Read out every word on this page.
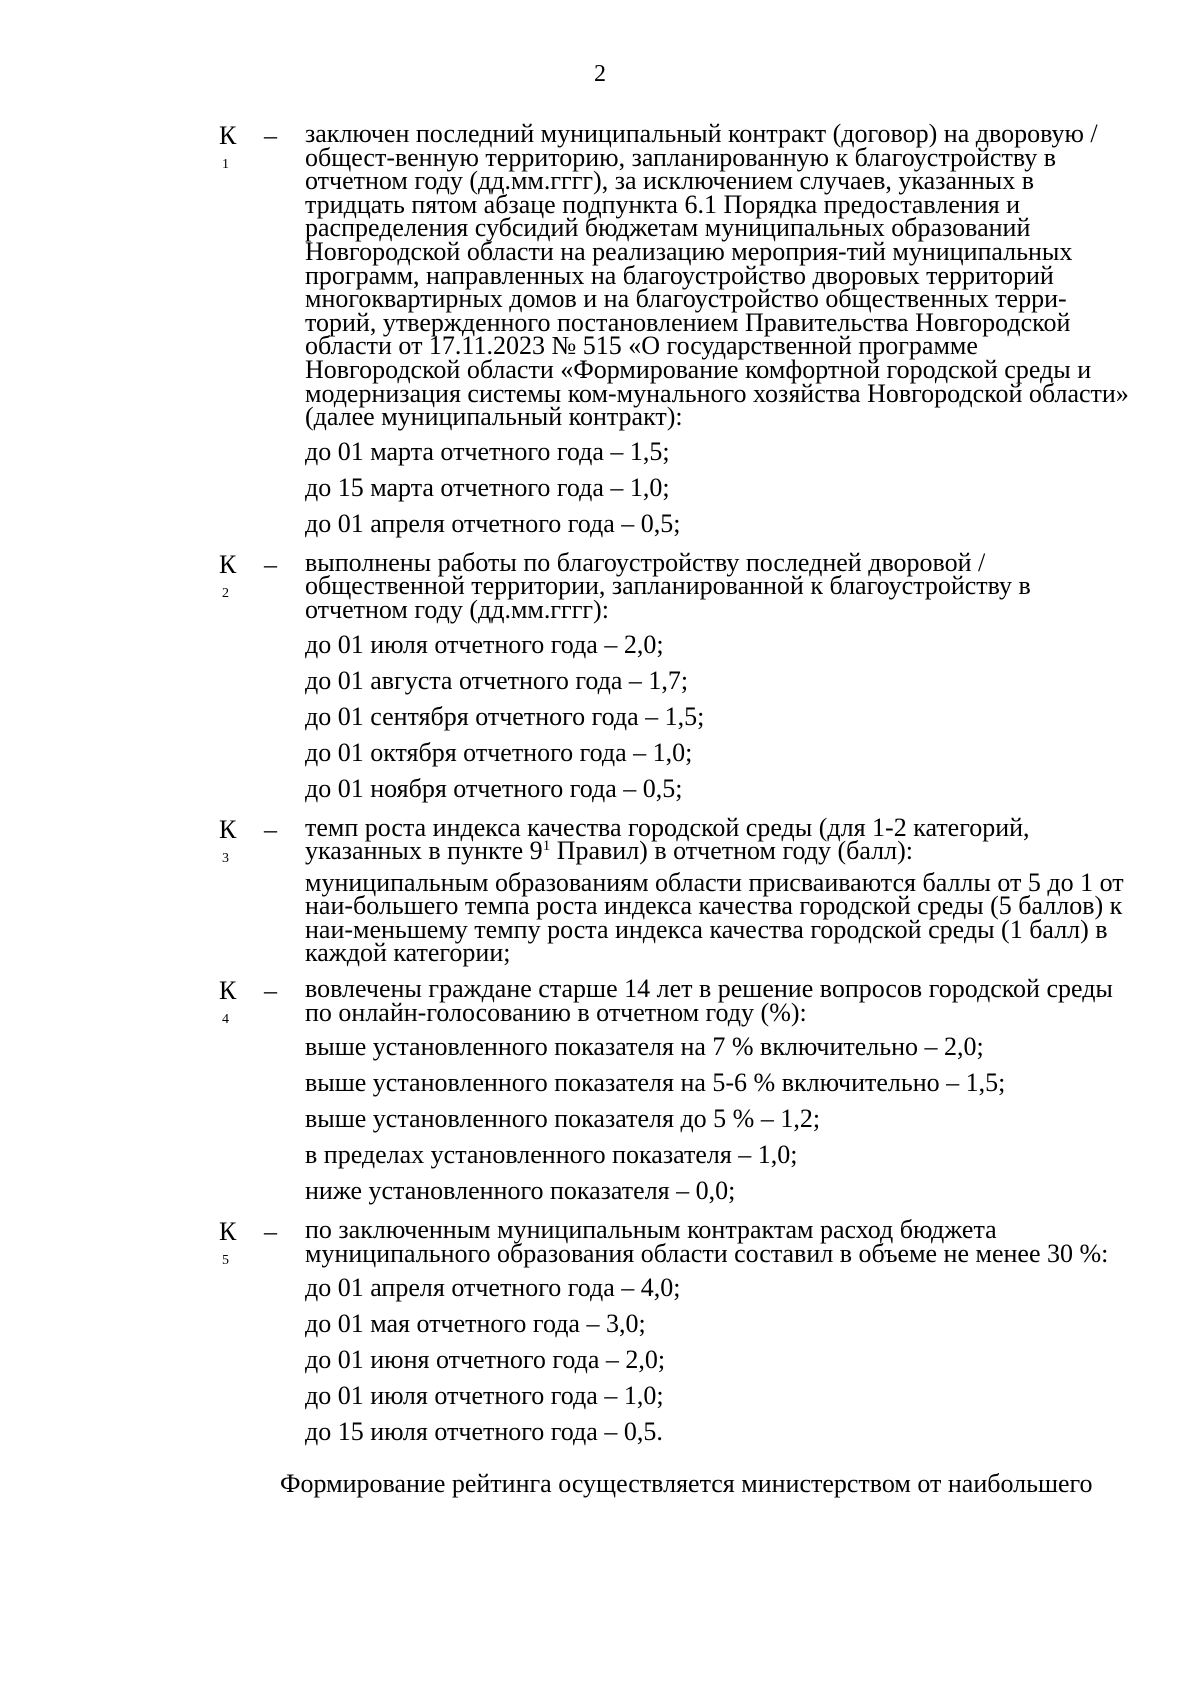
2
К
1
– заключен последний муниципальный контракт (договор) на дворовую / общест-венную территорию, запланированную к благоустройству в отчетном году (дд.мм.гггг), за исключением случаев, указанных в тридцать пятом абзаце подпункта 6.1 Порядка предоставления и распределения субсидий бюджетам муниципальных образований Новгородской области на реализацию мероприя-тий муниципальных программ, направленных на благоустройство дворовых территорий многоквартирных домов и на благоустройство общественных терри-торий, утвержденного постановлением Правительства Новгородской области от 17.11.2023 № 515 «О государственной программе Новгородской области «Формирование комфортной городской среды и модернизация системы ком-мунального хозяйства Новгородской области» (далее муниципальный контракт):
до 01 марта отчетного года – 1,5;
до 15 марта отчетного года – 1,0;
до 01 апреля отчетного года – 0,5;
К
2
– выполнены работы по благоустройству последней дворовой / общественной территории, запланированной к благоустройству в отчетном году (дд.мм.гггг):
до 01 июля отчетного года – 2,0;
до 01 августа отчетного года – 1,7;
до 01 сентября отчетного года – 1,5;
до 01 октября отчетного года – 1,0;
до 01 ноября отчетного года – 0,5;
К
3
– темп роста индекса качества городской среды (для 1-2 категорий, указанных в пункте $9^1$ Правил) в отчетном году (балл):
муниципальным образованиям области присваиваются баллы от 5 до 1 от наи-большего темпа роста индекса качества городской среды (5 баллов) к наи-меньшему темпу роста индекса качества городской среды (1 балл) в каждой категории;
К
4
– вовлечены граждане старше 14 лет в решение вопросов городской среды по онлайн-голосованию в отчетном году (%):
выше установленного показателя на 7 % включительно – 2,0;
выше установленного показателя на 5-6 % включительно – 1,5;
выше установленного показателя до 5 % – 1,2;
в пределах установленного показателя – 1,0;
ниже установленного показателя – 0,0;
К
5
– по заключенным муниципальным контрактам расход бюджета муниципального образования области составил в объеме не менее 30 %:
до 01 апреля отчетного года – 4,0;
до 01 мая отчетного года – 3,0;
до 01 июня отчетного года – 2,0;
до 01 июля отчетного года – 1,0;
до 15 июля отчетного года – 0,5.
Формирование рейтинга осуществляется министерством от наибольшего
